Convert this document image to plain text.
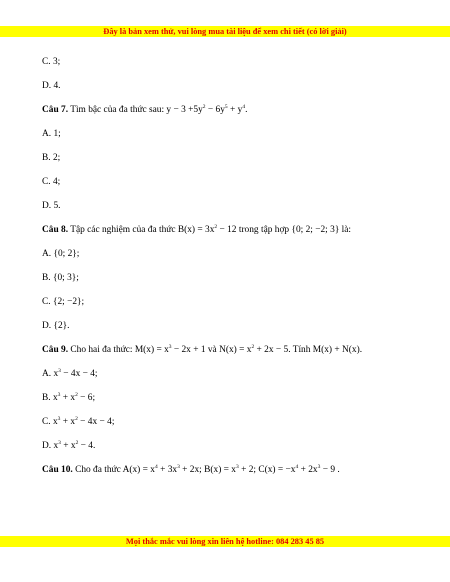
Đây là bản xem thử, vui lòng mua tài liệu để xem chi tiết (có lời giải)
C. 3;
D. 4.
Câu 7. Tìm bậc của đa thức sau: $y - 3 +5y^2 - 6y^5 + y^4$.
A. 1;
B. 2;
C. 4;
D. 5.
Câu 8. Tập các nghiệm của đa thức $B(x) = 3x^2 - 12$ trong tập hợp {0; 2; −2; 3} là:
A. {0; 2};
B. {0; 3};
C. {2; −2};
D. {2}.
Câu 9. Cho hai đa thức: $M(x) = x^3 - 2x + 1$ và $N(x) = x^2 + 2x - 5$. Tính M(x) + N(x).
A. $x^3 - 4x - 4$;
B. $x^3 + x^2 - 6$;
C. $x^3 + x^2 - 4x - 4$;
D. $x^3 + x^2 - 4$.
Câu 10. Cho đa thức $A(x) = x^4 + 3x^3 + 2x$; $B(x) = x^3 + 2$; $C(x) = -x^4 + 2x^3 - 9$ .
Mọi thắc mắc vui lòng xin liên hệ hotline: 084 283 45 85
